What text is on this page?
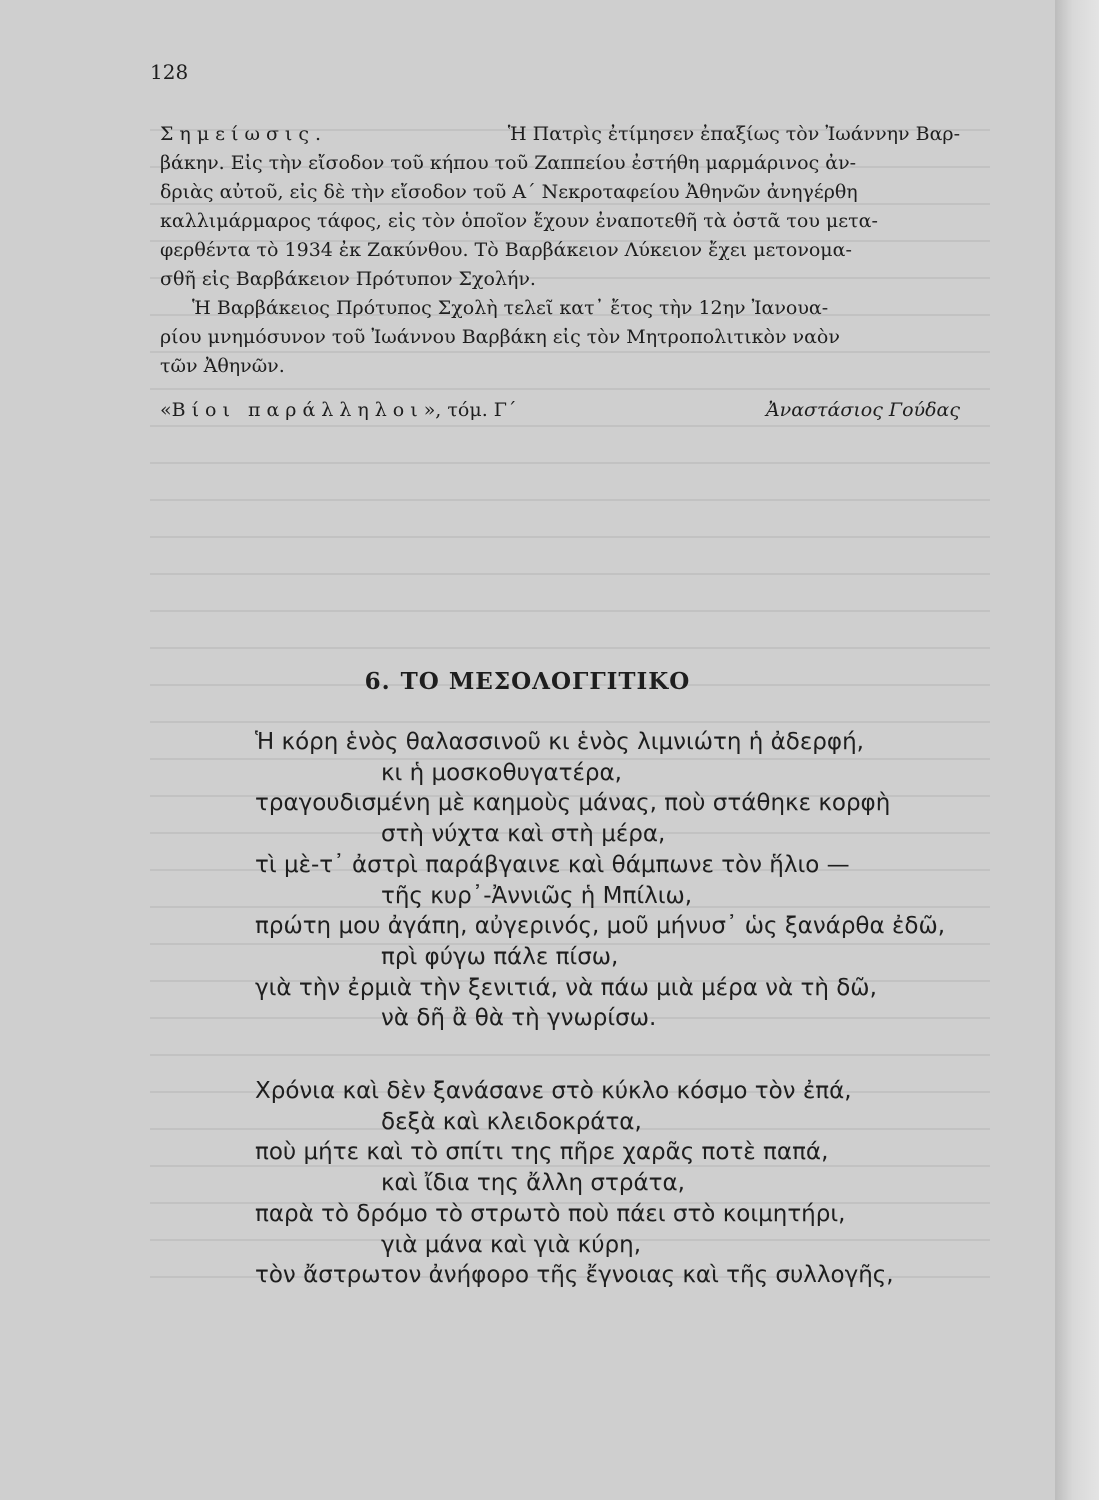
128
Σημείωσις.	Ἡ Πατρὶς ἐτίμησεν ἐπαξίως τὸν Ἰωάννην Βαρ-
βάκην. Εἰς τὴν εἴσοδον τοῦ κήπου τοῦ Ζαππείου ἐστήθη μαρμάρινος ἀν-
δριὰς αὐτοῦ, εἰς δὲ τὴν εἴσοδον τοῦ Α΄ Νεκροταφείου Ἀθηνῶν ἀνηγέρθη
καλλιμάρμαρος τάφος, εἰς τὸν ὁποῖον ἔχουν ἐναποτεθῆ τὰ ὀστᾶ του μετα-
φερθέντα τὸ 1934 ἐκ Ζακύνθου. Τὸ Βαρβάκειον Λύκειον ἔχει μετονομα-
σθῆ εἰς Βαρβάκειον Πρότυπον Σχολήν.
Ἡ Βαρβάκειος Πρότυπος Σχολὴ τελεῖ κατ᾿ ἔτος τὴν 12ην Ἰανουα-
ρίου μνημόσυνον τοῦ Ἰωάννου Βαρβάκη εἰς τὸν Μητροπολιτικὸν ναὸν
τῶν Ἀθηνῶν.
«Βίοι παράλληλοι», τόμ. Γ΄	Ἀναστάσιος Γούδας
6. ΤΟ ΜΕΣΟΛΟΓΓΙΤΙΚΟ
Ἡ κόρη ἑνὸς θαλασσινοῦ κι ἑνὸς λιμνιώτη ἡ ἀδερφή,
κι ἡ μοσκοθυγατέρα,
τραγουδισμένη μὲ καημοὺς μάνας, ποὺ στάθηκε κορφὴ
στὴ νύχτα καὶ στὴ μέρα,
τὶ μὲ-τ᾿ ἀστρὶ παράβγαινε καὶ θάμπωνε τὸν ἥλιο —
τῆς κυρ᾿-Ἀννιῶς ἡ Μπίλιω,
πρώτη μου ἀγάπη, αὐγερινός, μοῦ μήνυσ᾿ ὡς ξανάρθα ἐδῶ,
πρὶ φύγω πάλε πίσω,
γιὰ τὴν ἐρμιὰ τὴν ξενιτιά, νὰ πάω μιὰ μέρα νὰ τὴ δῶ,
νὰ δῆ ἂ θὰ τὴ γνωρίσω.
Χρόνια καὶ δὲν ξανάσανε στὸ κύκλο κόσμο τὸν ἐπά,
δεξὰ καὶ κλειδοκράτα,
ποὺ μήτε καὶ τὸ σπίτι της πῆρε χαρᾶς ποτὲ παπά,
καὶ ἴδια της ἄλλη στράτα,
παρὰ τὸ δρόμο τὸ στρωτὸ ποὺ πάει στὸ κοιμητήρι,
γιὰ μάνα καὶ γιὰ κύρη,
τὸν ἄστρωτον ἀνήφορο τῆς ἔγνοιας καὶ τῆς συλλογῆς,
